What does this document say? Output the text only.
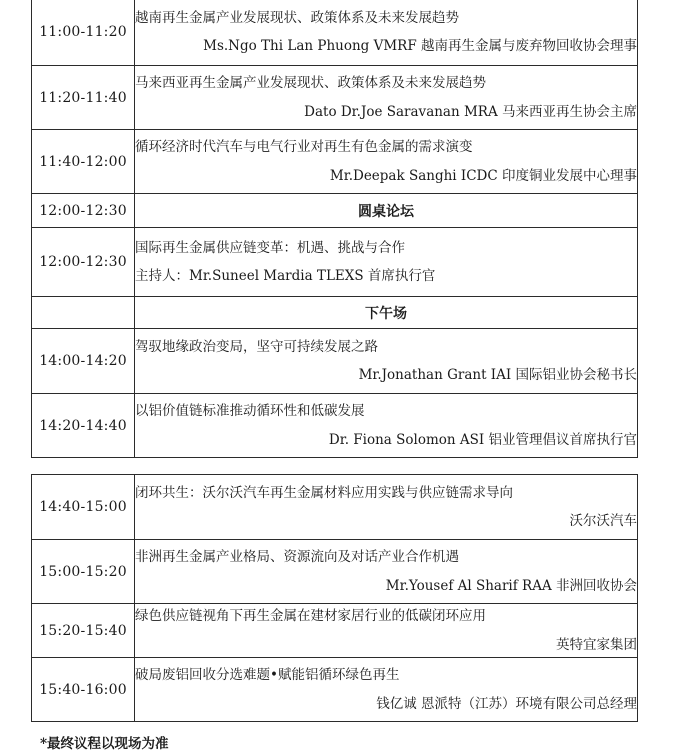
11:00-11:20	越南再生金属产业发展现状、政策体系及未来发展趋势
Ms.Ngo Thi Lan Phuong VMRF 越南再生金属与废弃物回收协会理事

11:20-11:40	马来西亚再生金属产业发展现状、政策体系及未来发展趋势
Dato Dr.Joe Saravanan MRA 马来西亚再生协会主席

11:40-12:00	循环经济时代汽车与电气行业对再生有色金属的需求演变
Mr.Deepak Sanghi ICDC 印度铜业发展中心理事

12:00-12:30	圆桌论坛
12:00-12:30	国际再生金属供应链变革：机遇、挑战与合作
主持人：Mr.Suneel Mardia TLEXS 首席执行官

	下午场
14:00-14:20	驾驭地缘政治变局，坚守可持续发展之路
Mr.Jonathan Grant IAI 国际铝业协会秘书长

14:20-14:40	以铝价值链标准推动循环性和低碳发展
Dr. Fiona Solomon ASI 铝业管理倡议首席执行官
14:40-15:00	闭环共生：沃尔沃汽车再生金属材料应用实践与供应链需求导向
沃尔沃汽车

15:00-15:20	非洲再生金属产业格局、资源流向及对话产业合作机遇
Mr.Yousef Al Sharif RAA 非洲回收协会

15:20-15:40	绿色供应链视角下再生金属在建材家居行业的低碳闭环应用
英特宜家集团

15:40-16:00	破局废铝回收分选难题•赋能铝循环绿色再生
钱亿诚 恩派特（江苏）环境有限公司总经理
*最终议程以现场为准
